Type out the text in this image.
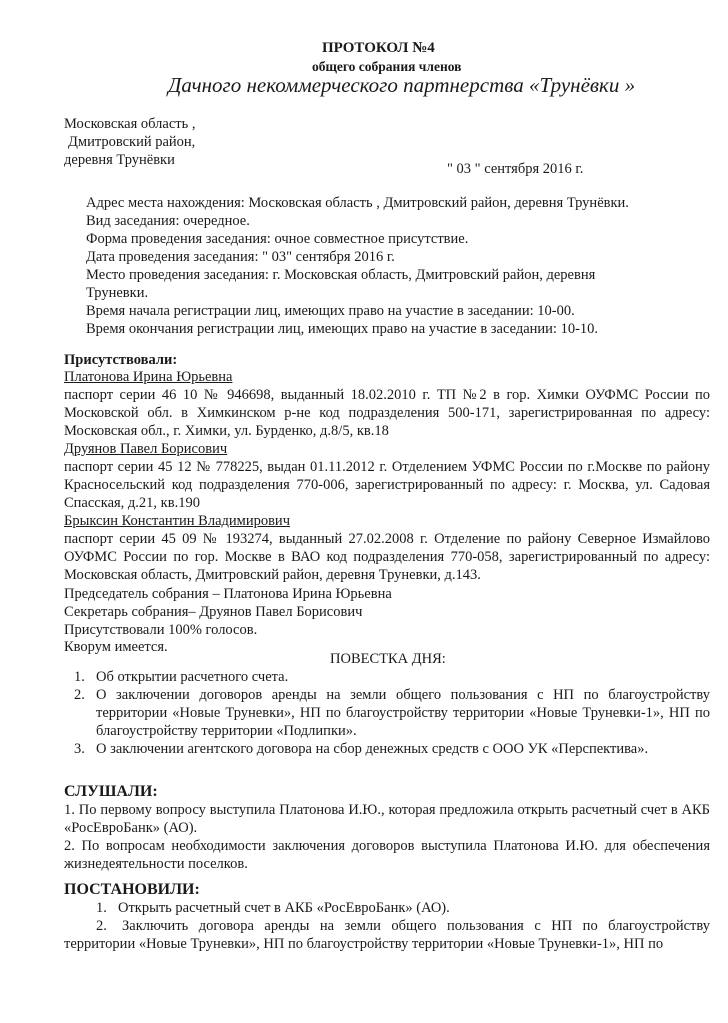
ПРОТОКОЛ №4
общего собрания членов
Дачного некоммерческого партнерства «Трунёвки »
Московская область ,
Дмитровский район,
деревня Трунёвки
" 03 " сентября 2016 г.
Адрес места нахождения: Московская область , Дмитровский район, деревня Трунёвки.
Вид заседания: очередное.
Форма проведения заседания: очное совместное присутствие.
Дата проведения заседания: " 03" сентября 2016 г.
Место проведения заседания: г. Московская область, Дмитровский район, деревня
Труневки.
Время начала регистрации лиц, имеющих право на участие в заседании: 10-00.
Время окончания регистрации лиц, имеющих право на участие в заседании: 10-10.
Присутствовали:
Платонова Ирина Юрьевна
паспорт серии 46 10 № 946698, выданный 18.02.2010 г. ТП №2 в гор. Химки ОУФМС России по Московской обл. в Химкинском р-не код подразделения 500-171, зарегистрированная по адресу: Московская обл., г. Химки, ул. Бурденко, д.8/5, кв.18
Друянов Павел Борисович
паспорт серии 45 12 № 778225, выдан 01.11.2012 г. Отделением УФМС России по г.Москве по району Красносельский код подразделения 770-006, зарегистрированный по адресу: г. Москва, ул. Садовая Спасская, д.21, кв.190
Брыксин Константин Владимирович
паспорт серии 45 09 № 193274, выданный 27.02.2008 г. Отделение по району Северное Измайлово ОУФМС России по гор. Москве в ВАО код подразделения 770-058, зарегистрированный по адресу: Московская область, Дмитровский район, деревня Труневки, д.143.
Председатель собрания – Платонова Ирина Юрьевна
Секретарь собрания– Друянов Павел Борисович
Присутствовали 100% голосов.
Кворум имеется.
ПОВЕСТКА ДНЯ:
1. Об открытии расчетного счета.
2. О заключении договоров аренды на земли общего пользования с НП по благоустройству территории «Новые Труневки», НП по благоустройству территории «Новые Труневки-1», НП по благоустройству территории «Подлипки».
3. О заключении агентского договора на сбор денежных средств с ООО УК «Перспектива».
СЛУШАЛИ:
1. По первому вопросу выступила Платонова И.Ю., которая предложила открыть расчетный счет в АКБ «РосЕвроБанк» (АО).
2. По вопросам необходимости заключения договоров выступила Платонова И.Ю. для обеспечения жизнедеятельности поселков.
ПОСТАНОВИЛИ:
1. Открыть расчетный счет в АКБ «РосЕвроБанк» (АО).
2.	Заключить договора аренды на земли общего пользования с НП по благоустройству территории «Новые Труневки», НП по благоустройству территории «Новые Труневки-1», НП по
